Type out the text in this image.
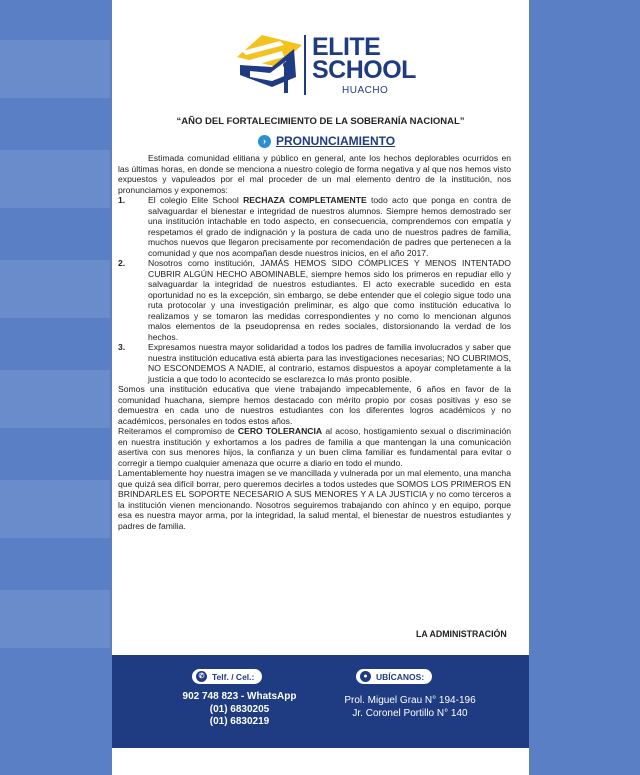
ELITE
SCHOOL
HUACHO
“AÑO DEL FORTALECIMIENTO DE LA SOBERANÍA NACIONAL”
› PRONUNCIAMIENTO

Estimada comunidad elitiana y público en general, ante los hechos deplorables ocurridos en las últimas horas, en donde se menciona a nuestro colegio de forma negativa y al que nos hemos visto expuestos y vapuleados por el mal proceder de un mal elemento dentro de la institución, nos pronunciamos y exponemos:

1.	El colegio Elite School RECHAZA COMPLETAMENTE todo acto que ponga en contra de salvaguardar el bienestar e integridad de nuestros alumnos. Siempre hemos demostrado ser una institución intachable en todo aspecto, en consecuencia, comprendemos con empatía y respetamos el grado de indignación y la postura de cada uno de nuestros padres de familia, muchos nuevos que llegaron precisamente por recomendación de padres que pertenecen a la comunidad y que nos acompañan desde nuestros inicios, en el año 2017.
2.	Nosotros como institución, JAMÁS HEMOS SIDO CÓMPLICES Y MENOS INTENTADO CUBRIR ALGÚN HECHO ABOMINABLE, siempre hemos sido los primeros en repudiar ello y salvaguardar la integridad de nuestros estudiantes. El acto execrable sucedido en esta oportunidad no es la excepción, sin embargo, se debe entender que el colegio sigue todo una ruta protocolar y una investigación preliminar, es algo que como institución educativa lo realizamos y se tomaron las medidas correspondientes y no como lo mencionan algunos malos elementos de la pseudoprensa en redes sociales, distorsionando la verdad de los hechos.
3.	Expresamos nuestra mayor solidaridad a todos los padres de familia involucrados y saber que nuestra institución educativa está abierta para las investigaciones necesarias; NO CUBRIMOS, NO ESCONDEMOS A NADIE, al contrario, estamos dispuestos a apoyar completamente a la justicia a que todo lo acontecido se esclarezca lo más pronto posible.

Somos una institución educativa que viene trabajando impecablemente, 6 años en favor de la comunidad huachana, siempre hemos destacado con mérito propio por cosas positivas y eso se demuestra en cada uno de nuestros estudiantes con los diferentes logros académicos y no académicos, personales en todos estos años.

Reiteramos el compromiso de CERO TOLERANCIA al acoso, hostigamiento sexual o discriminación en nuestra institución y exhortamos a los padres de familia a que mantengan la una comunicación asertiva con sus menores hijos, la confianza y un buen clima familiar es fundamental para evitar o corregir a tiempo cualquier amenaza que ocurre a diario en todo el mundo.

Lamentablemente hoy nuestra imagen se ve mancillada y vulnerada por un mal elemento, una mancha que quizá sea difícil borrar, pero queremos decirles a todos ustedes que SOMOS LOS PRIMEROS EN BRINDARLES EL SOPORTE NECESARIO A SUS MENORES Y A LA JUSTICIA y no como terceros a la institución vienen mencionando. Nosotros seguiremos trabajando con ahínco y en equipo, porque esa es nuestra mayor arma, por la integridad, la salud mental, el bienestar de nuestros estudiantes y padres de familia.

LA ADMINISTRACIÓN
✆ Telf. / Cel.:
902 748 823 - WhatsApp
(01) 6830205
(01) 6830219
● UBÍCANOS:
Prol. Miguel Grau N° 194-196
Jr. Coronel Portillo N° 140
